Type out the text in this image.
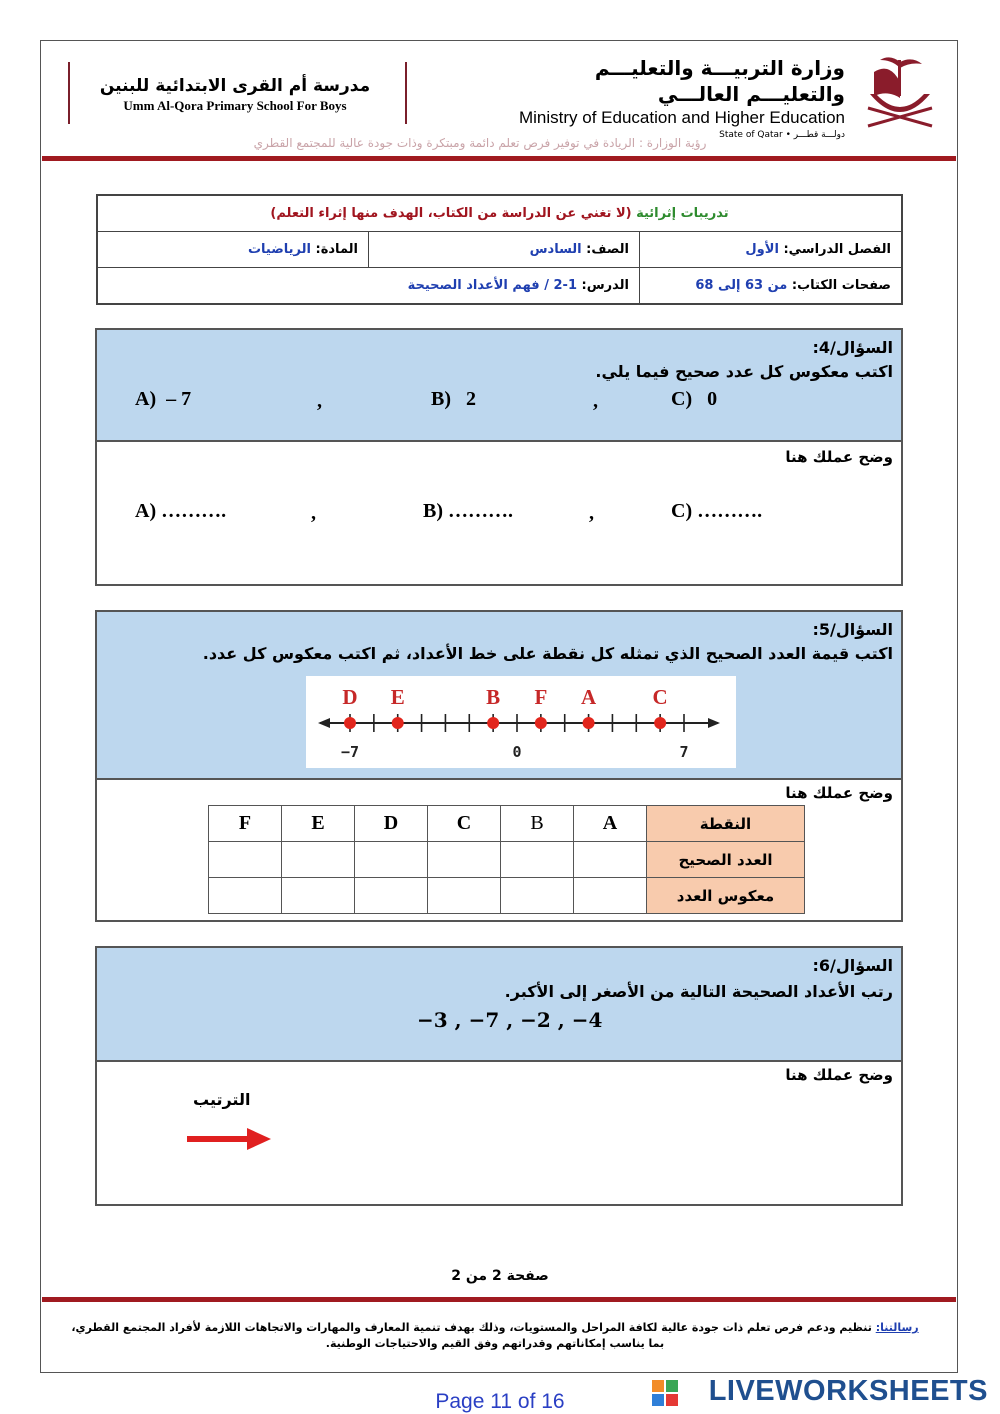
وزارة التربيـــة والتعليـــم والتعليـــم العالـــي
Ministry of Education and Higher Education
State of Qatar • دولـــة قطـــر
مدرسة أم القرى الابتدائية للبنين
Umm Al-Qora Primary School For Boys
رؤية الوزارة : الريادة في توفير فرص تعلم دائمة ومبتكرة وذات جودة عالية للمجتمع القطري
تدريبات إثرائية (لا تغني عن الدراسة من الكتاب، الهدف منها إثراء التعلم)		
المادة: الرياضيات	الصف: السادس	الفصل الدراسي: الأول
الدرس: 1-2 / فهم الأعداد الصحيحة		صفحات الكتاب: من 63 إلى 68
السؤال/4:
اكتب معكوس كل عدد صحيح فيما يلي.
A)  – 7	,	B)   2	,	C)   0
وضح عملك هنا
A) ……….	,	B) ……….	,	C) ……….
السؤال/5:
اكتب قيمة العدد الصحيح الذي تمثله كل نقطة على خط الأعداد، ثم اكتب معكوس كل عدد.
−7	0	7
D E	B F A	C
وضح عملك هنا
F	E	D	C	B	A	النقطة
						العدد الصحيح
						معكوس العدد
السؤال/6:
رتب الأعداد الصحيحة التالية من الأصغر إلى الأكبر.
−3 , −7 , −2 , −4
وضح عملك هنا
الترتيب
صفحة 2 من 2
رسالتنا: تنظيم ودعم فرص تعلم ذات جودة عالية لكافة المراحل والمستويات، وذلك بهدف تنمية المعارف والمهارات والاتجاهات اللازمة لأفراد المجتمع القطري،
بما يناسب إمكاناتهم وقدراتهم وفق القيم والاحتياجات الوطنية.
Page 11 of 16	LIVEWORKSHEETS
